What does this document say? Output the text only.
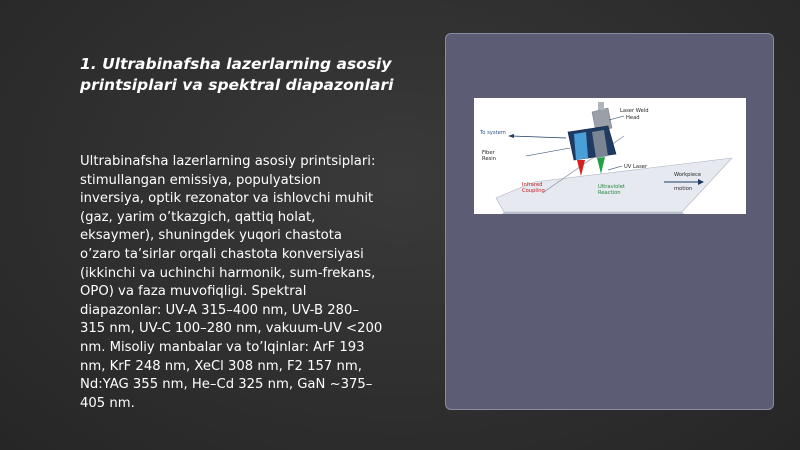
1. Ultrabinafsha lazerlarning asosiy
printsiplari va spektral diapazonlari

Ultrabinafsha lazerlarning asosiy printsiplari:
stimullangan emissiya, populyatsion
inversiya, optik rezonator va ishlovchi muhit
(gaz, yarim o’tkazgich, qattiq holat,
eksaymer), shuningdek yuqori chastota
o’zaro ta’sirlar orqali chastota konversiyasi
(ikkinchi va uchinchi harmonik, sum-frekans,
OPO) va faza muvofiqligi. Spektral
diapazonlar: UV-A 315–400 nm, UV-B 280–
315 nm, UV-C 100–280 nm, vakuum-UV <200
nm. Misoliy manbalar va to’lqinlar: ArF 193
nm, KrF 248 nm, XeCl 308 nm, F2 157 nm,
Nd:YAG 355 nm, He–Cd 325 nm, GaN ~375–
405 nm.

Laser Weld
Head
To system
Fiber
Resin
Infrared
Coupling
Ultraviolet
Reaction
UV Laser
Workpiece
motion
